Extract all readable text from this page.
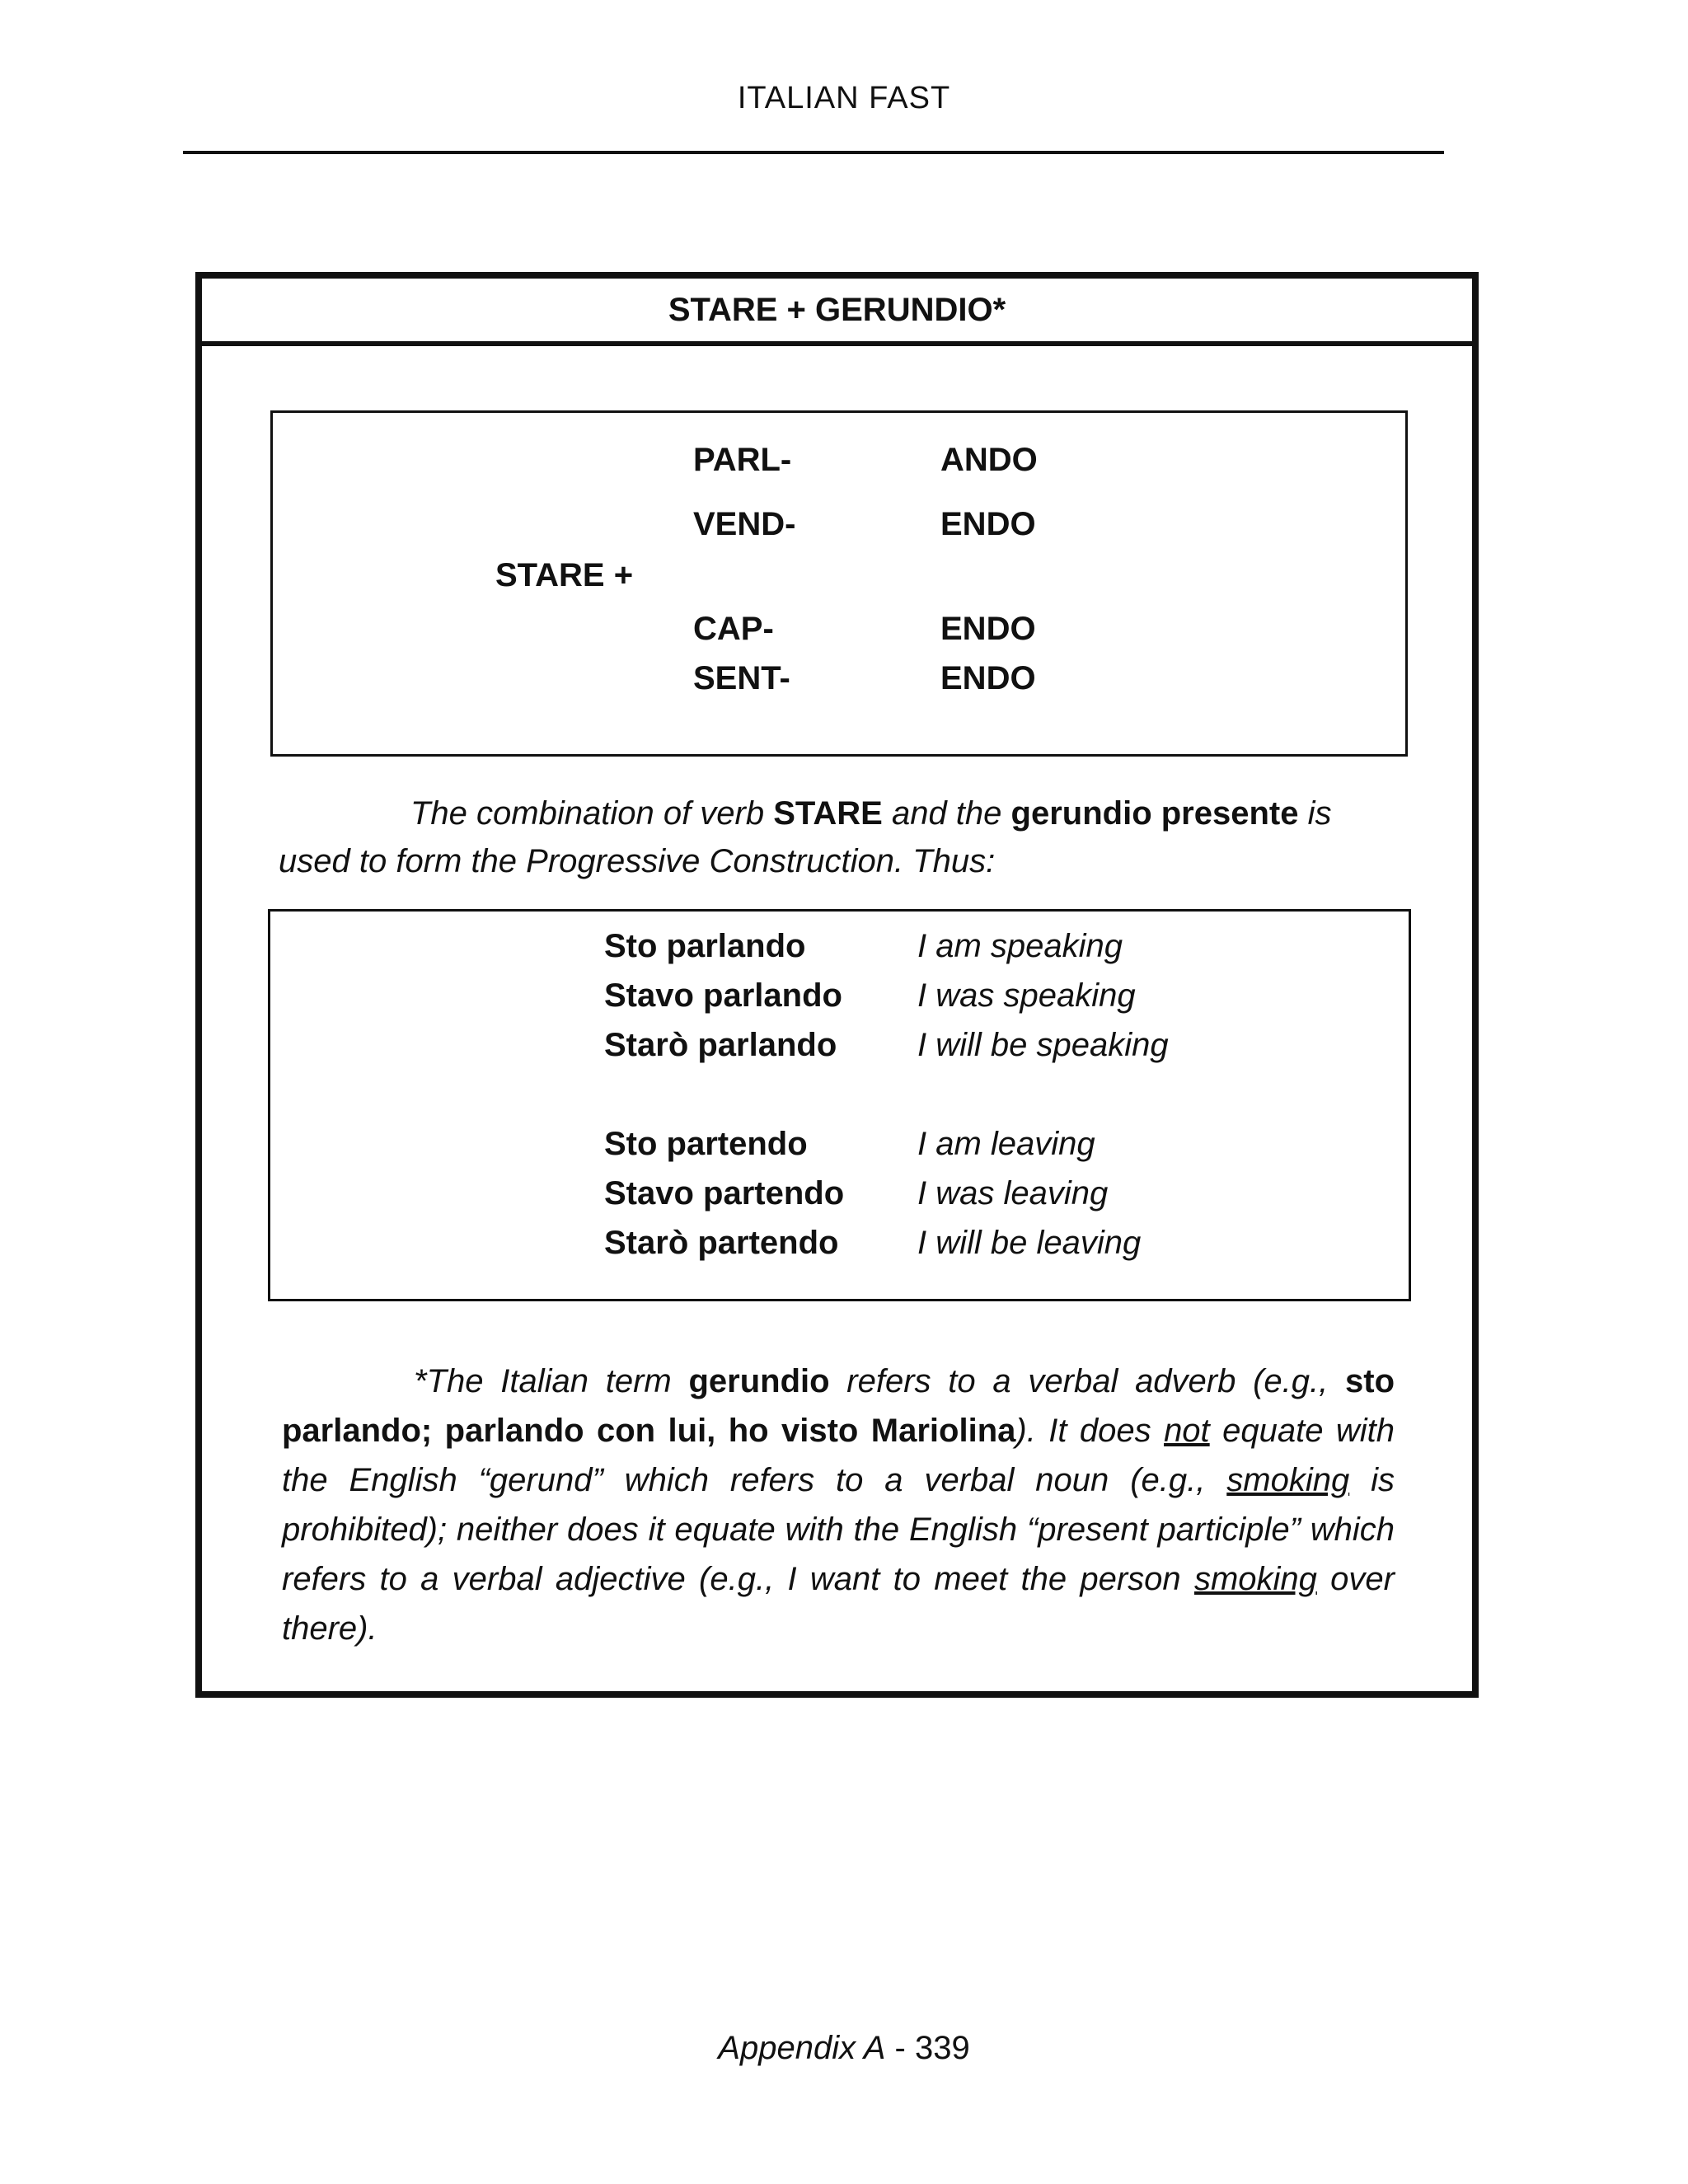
ITALIAN FAST
STARE + GERUNDIO*
STARE +
PARL-	ANDO
VEND-	ENDO
CAP-	ENDO
SENT-	ENDO
The combination of verb STARE and the gerundio presente is used to form the Progressive Construction. Thus:
Sto parlando	I am speaking
Stavo parlando I was speaking
Starò parlando I will be speaking
Sto partendo	I am leaving
Stavo partendo I was leaving
Starò partendo I will be leaving
*The Italian term gerundio refers to a verbal adverb (e.g., sto parlando; parlando con lui, ho visto Mariolina). It does not equate with the English “gerund” which refers to a verbal noun (e.g., smoking is prohibited); neither does it equate with the English “present participle” which refers to a verbal adjective (e.g., I want to meet the person smoking over there).
Appendix A - 339
